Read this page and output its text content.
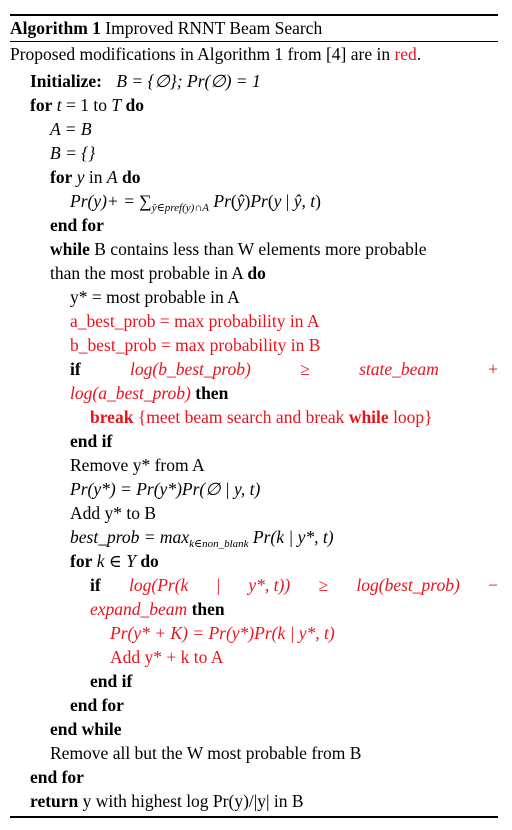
Algorithm 1 Improved RNNT Beam Search
Proposed modifications in Algorithm 1 from [4] are in red.
Initialize: B = {∅}; Pr(∅) = 1
for t = 1 to T do
A = B
B = {}
for y in A do
$Pr(y)+ = \sum_{ŷ\in pref(y)\cap A}$ Pr(ŷ)Pr(y | ŷ, t)
end for
while B contains less than W elements more probable
than the most probable in A do
y* = most probable in A
a_best_prob = max probability in A
b_best_prob = max probability in B
if	log(b_best_prob)	≥	state_beam	+
log(a_best_prob) then
break {meet beam search and break while loop}
end if
Remove y* from A
Pr(y*) = Pr(y*)Pr(∅ | y, t)
Add y* to B
best_prob = $\max_{k\in non\_blank} Pr(k$ | y*, t)
for k ∈ Y do
if log(Pr(k | y*, t)) ≥ log(best_prob) −
expand_beam then
Pr(y* + K) = Pr(y*)Pr(k | y*, t)
Add y* + k to A
end if
end for
end while
Remove all but the W most probable from B
end for
return y with highest log Pr(y)/|y| in B
